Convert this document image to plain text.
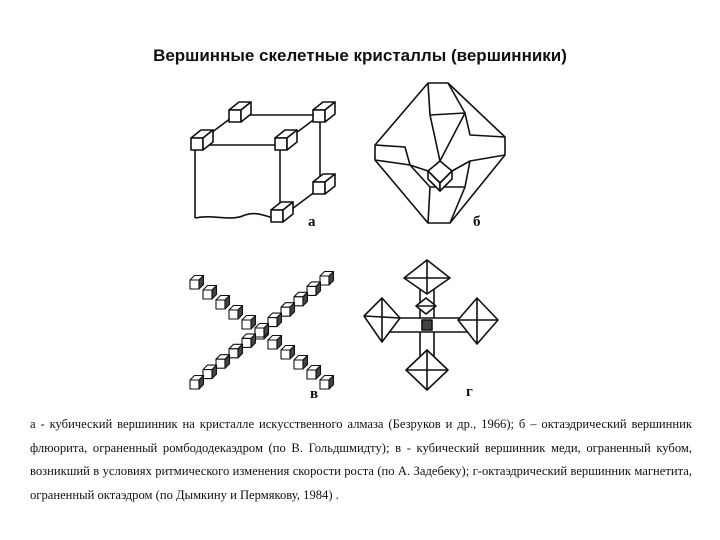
Вершинные скелетные кристаллы (вершинники)
а	б
в	г
а - кубический вершинник на кристалле искусственного алмаза (Безруков и др., 1966); б – октаэдрический вершинник флюорита, ограненный ромбододекаэдром (по В. Гольдшмидту); в - кубический вершинник меди, ограненный кубом, возникший в условиях ритмического изменения скорости роста (по А. Задебеку); г-октаэдрический вершинник магнетита, ограненный октаэдром (по Дымкину и Пермякову, 1984) .
